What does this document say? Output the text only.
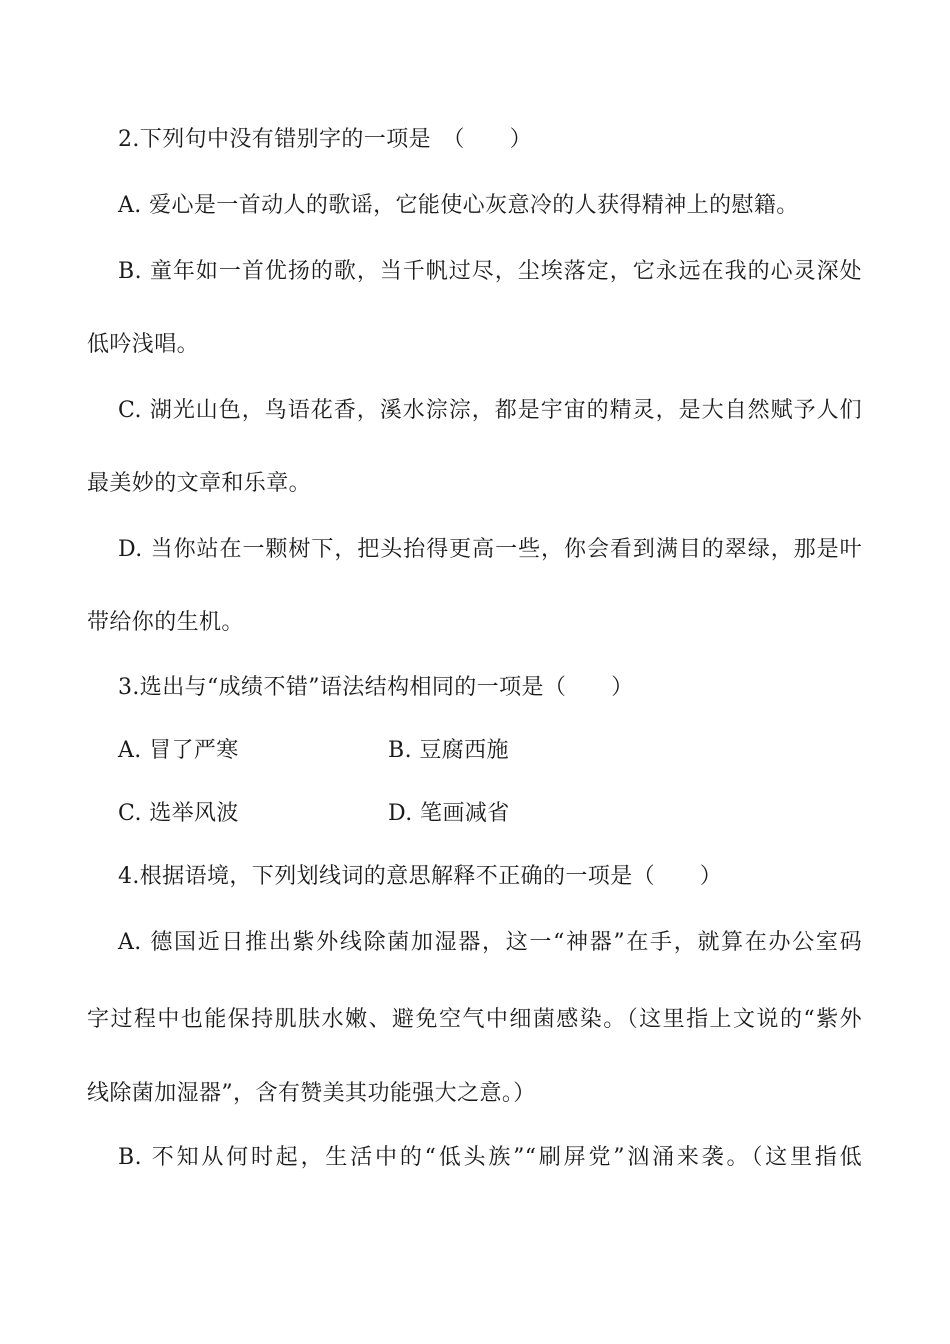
2.下列句中没有错别字的一项是　（　　）
A. 爱心是一首动人的歌谣，它能使心灰意冷的人获得精神上的慰籍。
B. 童年如一首优扬的歌，当千帆过尽，尘埃落定，它永远在我的心灵深处
低吟浅唱。
C. 湖光山色，鸟语花香，溪水淙淙，都是宇宙的精灵，是大自然赋予人们
最美妙的文章和乐章。
D. 当你站在一颗树下，把头抬得更高一些，你会看到满目的翠绿，那是叶
带给你的生机。
3.选出与“成绩不错”语法结构相同的一项是（　　）
A. 冒了严寒	B. 豆腐西施
C. 选举风波	D. 笔画减省
4.根据语境，下列划线词的意思解释不正确的一项是（　　）
A. 德国近日推出紫外线除菌加湿器，这一“神器”在手，就算在办公室码
字过程中也能保持肌肤水嫩、避免空气中细菌感染。（这里指上文说的“紫外
线除菌加湿器”，含有赞美其功能强大之意。）
B. 不知从何时起，生活中的“低头族”“刷屏党”汹涌来袭。（这里指低
